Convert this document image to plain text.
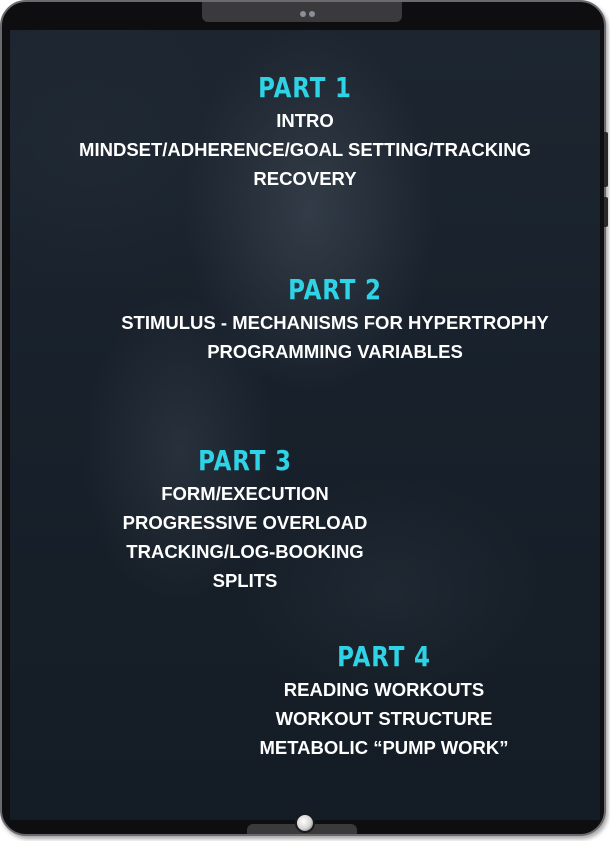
PART 1
INTRO
MINDSET/ADHERENCE/GOAL SETTING/TRACKING
RECOVERY
PART 2
STIMULUS - MECHANISMS FOR HYPERTROPHY
PROGRAMMING VARIABLES
PART 3
FORM/EXECUTION
PROGRESSIVE OVERLOAD
TRACKING/LOG-BOOKING
SPLITS
PART 4
READING WORKOUTS
WORKOUT STRUCTURE
METABOLIC “PUMP WORK”
